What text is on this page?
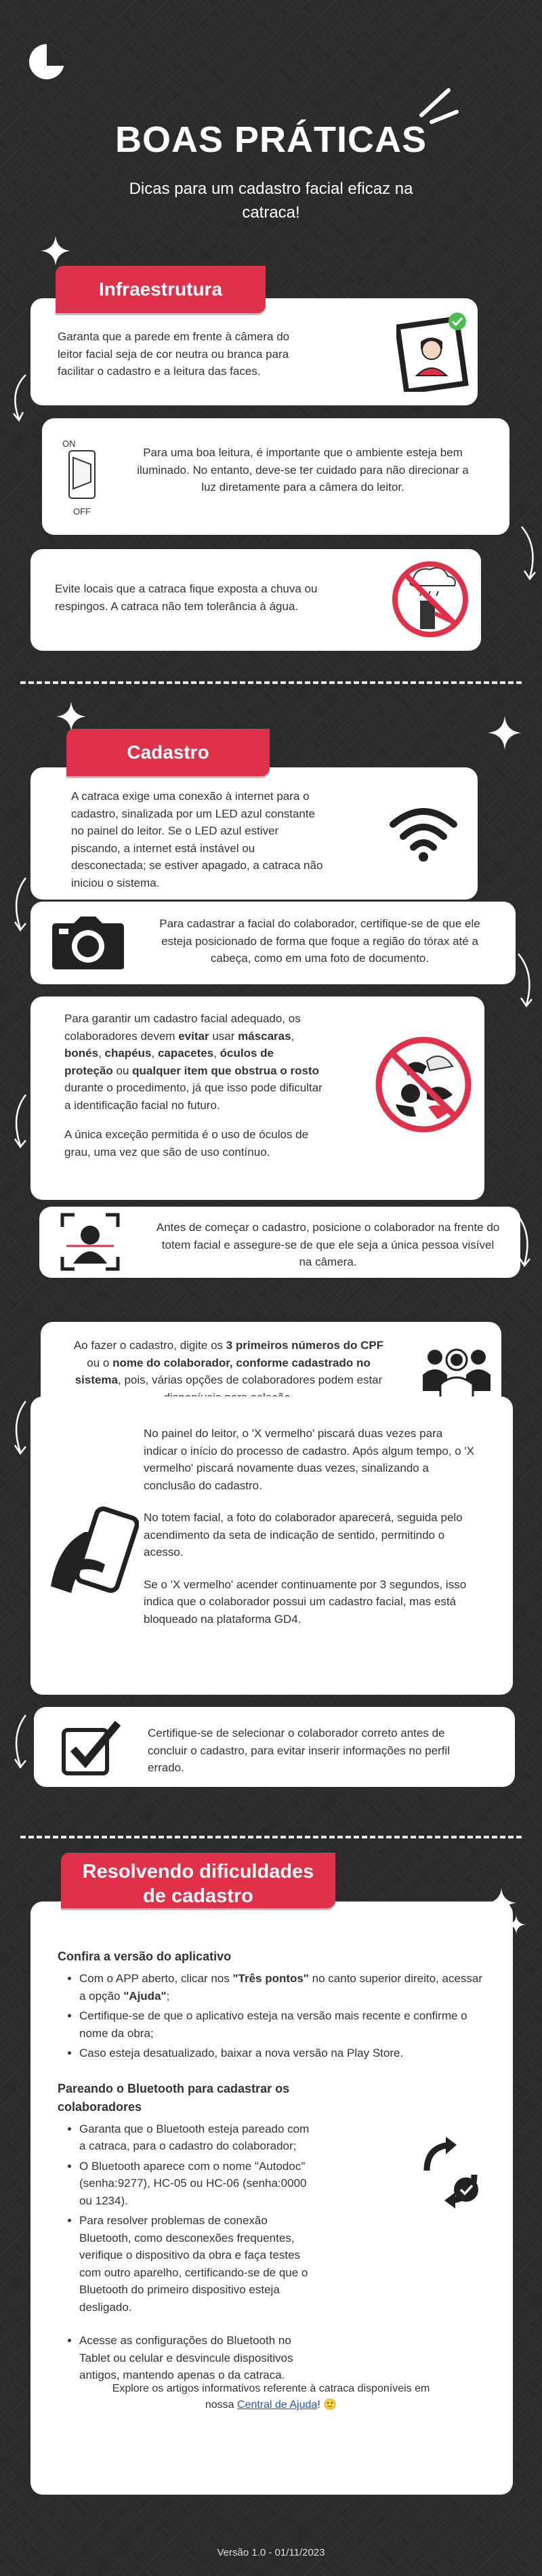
BOAS PRÁTICAS
Dicas para um cadastro facial eficaz na catraca!

Garanta que a parede em frente à câmera do leitor facial seja de cor neutra ou branca para facilitar o cadastro e a leitura das faces.

Infraestrutura

Para uma boa leitura, é importante que o ambiente esteja bem iluminado. No entanto, deve-se ter cuidado para não direcionar a luz diretamente para a câmera do leitor.

ON
OFF

Evite locais que a catraca fique exposta a chuva ou respingos. A catraca não tem tolerância à água.

A catraca exige uma conexão à internet para o cadastro, sinalizada por um LED azul constante no painel do leitor. Se o LED azul estiver piscando, a internet está instável ou desconectada; se estiver apagado, a catraca não iniciou o sistema.

Cadastro

Para cadastrar a facial do colaborador, certifique-se de que ele esteja posicionado de forma que foque a região do tórax até a cabeça, como em uma foto de documento.

Para garantir um cadastro facial adequado, os colaboradores devem evitar usar máscaras, bonés, chapéus, capacetes, óculos de proteção ou qualquer item que obstrua o rosto durante o procedimento, já que isso pode dificultar a identificação facial no futuro.

A única exceção permitida é o uso de óculos de grau, uma vez que são de uso contínuo.

Antes de começar o cadastro, posicione o colaborador na frente do totem facial e assegure-se de que ele seja a única pessoa visível na câmera.

Ao fazer o cadastro, digite os 3 primeiros números do CPF ou o nome do colaborador, conforme cadastrado no sistema, pois, várias opções de colaboradores podem estar

No painel do leitor, o 'X vermelho' piscará duas vezes para indicar o início do processo de cadastro. Após algum tempo, o 'X vermelho' piscará novamente duas vezes, sinalizando a conclusão do cadastro.

No totem facial, a foto do colaborador aparecerá, seguida pelo acendimento da seta de indicação de sentido, permitindo o acesso.

Se o 'X vermelho' acender continuamente por 3 segundos, isso indica que o colaborador possui um cadastro facial, mas está bloqueado na plataforma GD4.

Certifique-se de selecionar o colaborador correto antes de concluir o cadastro, para evitar inserir informações no perfil errado.

Confira a versão do aplicativo
• Com o APP aberto, clicar nos "Três pontos" no canto superior direito, acessar a opção "Ajuda";
• Certifique-se de que o aplicativo esteja na versão mais recente e confirme o nome da obra;
• Caso esteja desatualizado, baixar a nova versão na Play Store.
Pareando o Bluetooth para cadastrar os colaboradores
• Garanta que o Bluetooth esteja pareado com a catraca, para o cadastro do colaborador;
• O Bluetooth aparece com o nome "Autodoc" (senha:9277), HC-05 ou HC-06 (senha:0000 ou 1234).
• Para resolver problemas de conexão Bluetooth, como desconexões frequentes, verifique o dispositivo da obra e faça testes com outro aparelho, certificando-se de que o Bluetooth do primeiro dispositivo esteja desligado.
• Acesse as configurações do Bluetooth no Tablet ou celular e desvincule dispositivos antigos, mantendo apenas o da catraca.
Resolvendo dificuldades
de cadastro
Explore os artigos informativos referente à catraca disponíveis em nossa Central de Ajuda! 🙂
Versão 1.0 - 01/11/2023
